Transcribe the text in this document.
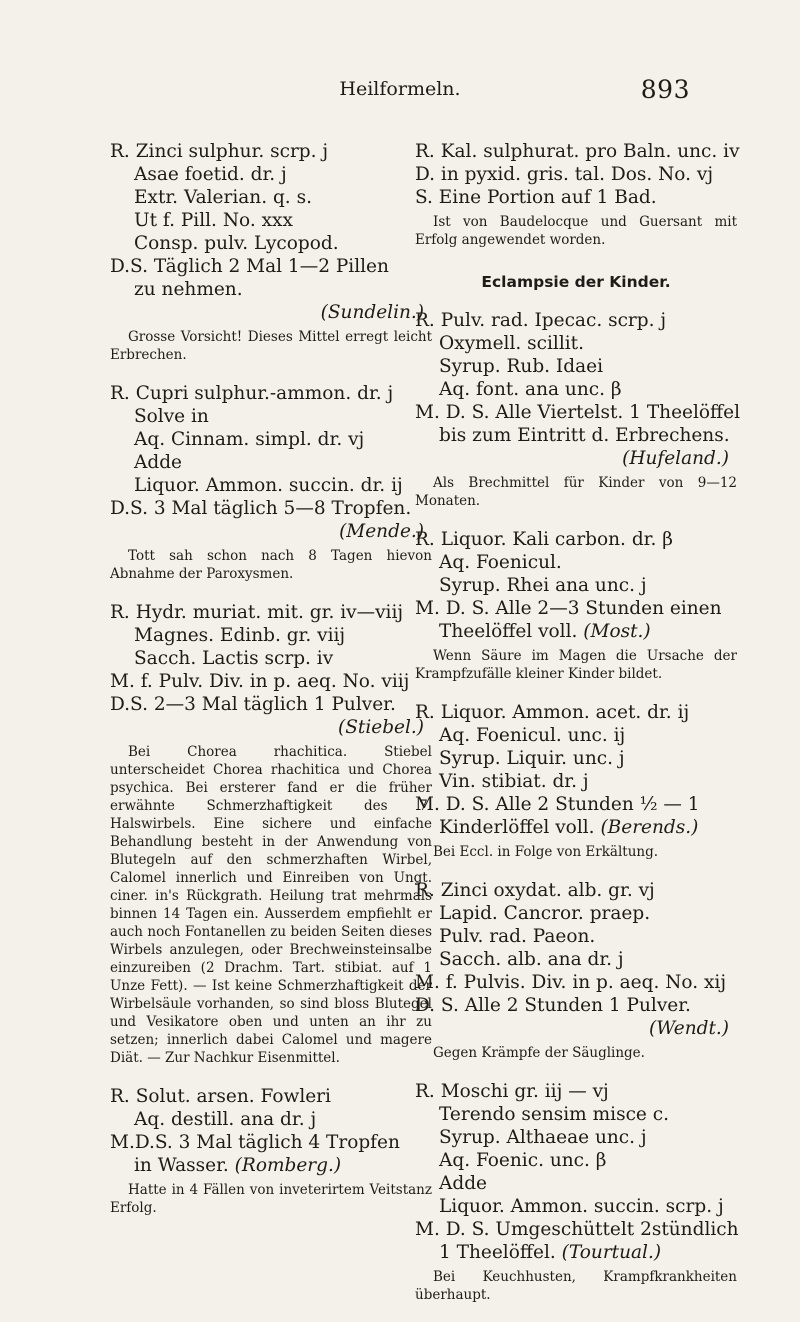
Heilformeln.	893
R. Zinci sulphur. scrp. j
Asae foetid. dr. j
Extr. Valerian. q. s.
Ut f. Pill. No. xxx
Consp. pulv. Lycopod.
D.S. Täglich 2 Mal 1—2 Pillen
zu nehmen.
(Sundelin.)
Grosse Vorsicht! Dieses Mittel erregt leicht Erbrechen.
R. Cupri sulphur.-ammon. dr. j
Solve in
Aq. Cinnam. simpl. dr. vj
Adde
Liquor. Ammon. succin. dr. ij
D.S. 3 Mal täglich 5—8 Tropfen.
(Mende.)
Tott sah schon nach 8 Tagen hievon Abnahme der Paroxysmen.
R. Hydr. muriat. mit. gr. iv—viij
Magnes. Edinb. gr. viij
Sacch. Lactis scrp. iv
M. f. Pulv. Div. in p. aeq. No. viij
D.S. 2—3 Mal täglich 1 Pulver.
(Stiebel.)
Bei Chorea rhachitica. Stiebel unterscheidet Chorea rhachitica und Chorea psychica. Bei ersterer fand er die früher erwähnte Schmerzhaftigkeit des 7. Halswirbels. Eine sichere und einfache Behandlung besteht in der Anwendung von Blutegeln auf den schmerzhaften Wirbel, Calomel innerlich und Einreiben von Ungt. ciner. in's Rückgrath. Heilung trat mehrmals binnen 14 Tagen ein. Ausserdem empfiehlt er auch noch Fontanellen zu beiden Seiten dieses Wirbels anzulegen, oder Brechweinsteinsalbe einzureiben (2 Drachm. Tart. stibiat. auf 1 Unze Fett). — Ist keine Schmerzhaftigkeit der Wirbelsäule vorhanden, so sind bloss Blutegel und Vesikatore oben und unten an ihr zu setzen; innerlich dabei Calomel und magere Diät. — Zur Nachkur Eisenmittel.
R. Solut. arsen. Fowleri
Aq. destill. ana dr. j
M.D.S. 3 Mal täglich 4 Tropfen
in Wasser. (Romberg.)
Hatte in 4 Fällen von inveterirtem Veitstanz Erfolg.
R. Kal. sulphurat. pro Baln. unc. iv
D. in pyxid. gris. tal. Dos. No. vj
S. Eine Portion auf 1 Bad.
Ist von Baudelocque und Guersant mit Erfolg angewendet worden.
Eclampsie der Kinder.
R. Pulv. rad. Ipecac. scrp. j
Oxymell. scillit.
Syrup. Rub. Idaei
Aq. font. ana unc. β
M. D. S. Alle Viertelst. 1 Theelöffel
bis zum Eintritt d. Erbrechens.
(Hufeland.)
Als Brechmittel für Kinder von 9—12 Monaten.
R. Liquor. Kali carbon. dr. β
Aq. Foenicul.
Syrup. Rhei ana unc. j
M. D. S. Alle 2—3 Stunden einen
Theelöffel voll. (Most.)
Wenn Säure im Magen die Ursache der Krampfzufälle kleiner Kinder bildet.
R. Liquor. Ammon. acet. dr. ij
Aq. Foenicul. unc. ij
Syrup. Liquir. unc. j
Vin. stibiat. dr. j
M. D. S. Alle 2 Stunden ½ — 1
Kinderlöffel voll. (Berends.)
Bei Eccl. in Folge von Erkältung.
R. Zinci oxydat. alb. gr. vj
Lapid. Cancror. praep.
Pulv. rad. Paeon.
Sacch. alb. ana dr. j
M. f. Pulvis. Div. in p. aeq. No. xij
D. S. Alle 2 Stunden 1 Pulver.
(Wendt.)
Gegen Krämpfe der Säuglinge.
R. Moschi gr. iij — vj
Terendo sensim misce c.
Syrup. Althaeae unc. j
Aq. Foenic. unc. β
Adde
Liquor. Ammon. succin. scrp. j
M. D. S. Umgeschüttelt 2stündlich
1 Theelöffel. (Tourtual.)
Bei Keuchhusten, Krampfkrankheiten überhaupt.
